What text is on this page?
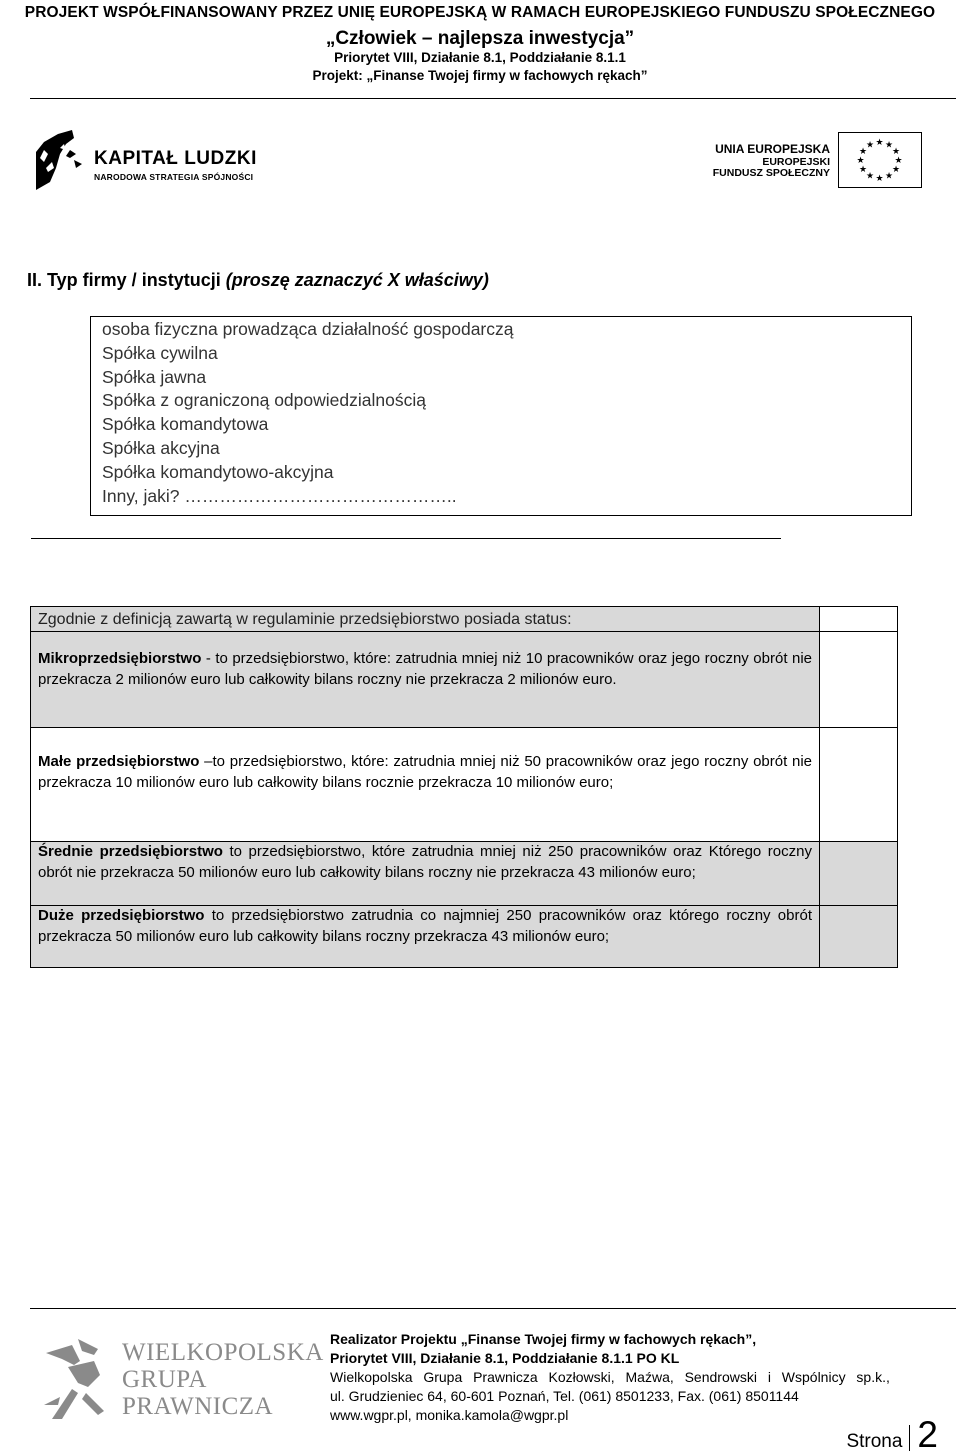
PROJEKT WSPÓŁFINANSOWANY PRZEZ UNIĘ EUROPEJSKĄ W RAMACH EUROPEJSKIEGO FUNDUSZU SPOŁECZNEGO
„Człowiek – najlepsza inwestycja”
Priorytet VIII, Działanie 8.1, Poddziałanie 8.1.1
Projekt: „Finanse Twojej firmy w fachowych rękach”
KAPITAŁ LUDZKI
NARODOWA STRATEGIA SPÓJNOŚCI
UNIA EUROPEJSKA
EUROPEJSKI
FUNDUSZ SPOŁECZNY
★ ★
★
★
★
★
★
★
★
★
★
★
II. Typ firmy / instytucji (proszę zaznaczyć X właściwy)
osoba fizyczna prowadząca działalność gospodarczą
Spółka cywilna
Spółka jawna
Spółka z ograniczoną odpowiedzialnością
Spółka komandytowa
Spółka akcyjna
Spółka komandytowo-akcyjna
Inny, jaki? ………………………………………..
Zgodnie z definicją zawartą w regulaminie przedsiębiorstwo posiada status:	

Mikroprzedsiębiorstwo - to przedsiębiorstwo, które: zatrudnia mniej niż 10 pracowników oraz jego roczny obrót nie przekracza 2 milionów euro lub całkowity bilans roczny nie przekracza 2 milionów euro.	

Małe przedsiębiorstwo –to przedsiębiorstwo, które: zatrudnia mniej niż 50 pracowników oraz jego roczny obrót nie przekracza 10 milionów euro lub całkowity bilans rocznie przekracza 10 milionów euro;	

Średnie przedsiębiorstwo to przedsiębiorstwo, które zatrudnia mniej niż 250 pracowników oraz Którego roczny obrót nie przekracza 50 milionów euro lub całkowity bilans roczny nie przekracza 43 milionów euro;	

Duże przedsiębiorstwo to przedsiębiorstwo zatrudnia co najmniej 250 pracowników oraz którego roczny obrót przekracza 50 milionów euro lub całkowity bilans roczny przekracza 43 milionów euro;	

WIELKOPOLSKA
GRUPA
PRAWNICZA
Realizator Projektu „Finanse Twojej firmy w fachowych rękach”,
Priorytet VIII, Działanie 8.1, Poddziałanie 8.1.1 PO KL
Wielkopolska Grupa Prawnicza Kozłowski, Maźwa, Sendrowski i Wspólnicy sp.k.,
ul. Grudzieniec 64, 60-601 Poznań, Tel. (061) 8501233, Fax. (061) 8501144
www.wgpr.pl, monika.kamola@wgpr.pl
Strona 2
